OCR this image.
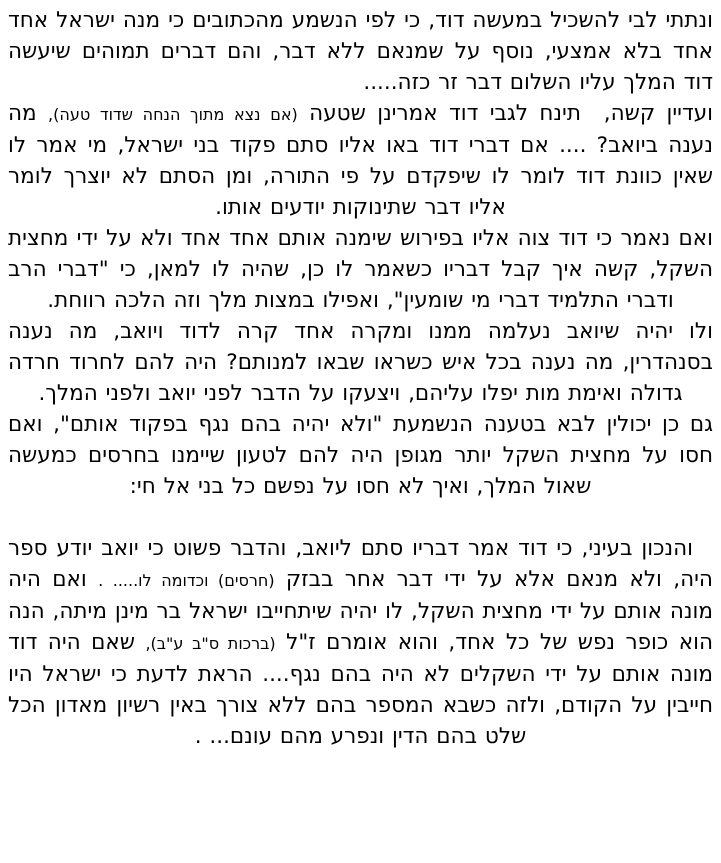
ונתתי לבי להשכיל במעשה דוד, כי לפי הנשמע מהכתובים כי מנה ישראל אחד אחד בלא אמצעי, נוסף על שמנאם ללא דבר, והם דברים תמוהים שיעשה דוד המלך עליו השלום דבר זר כזה.....

ועדיין קשה,  תינח לגבי דוד אמרינן שטעה (אם נצא מתוך הנחה שדוד טעה), מה נענה ביואב? .... אם דברי דוד באו אליו סתם פקוד בני ישראל, מי אמר לו שאין כוונת דוד לומר לו שיפקדם על פי התורה, ומן הסתם לא יוצרך לומר אליו דבר שתינוקות יודעים אותו.

ואם נאמר כי דוד צוה אליו בפירוש שימנה אותם אחד אחד ולא על ידי מחצית השקל, קשה איך קבל דבריו כשאמר לו כן, שהיה לו למאן, כי "דברי הרב ודברי התלמיד דברי מי שומעין", ואפילו במצות מלך וזה הלכה רווחת.

ולו יהיה שיואב נעלמה ממנו ומקרה אחד קרה לדוד ויואב, מה נענה בסנהדרין, מה נענה בכל איש כשראו שבאו למנותם? היה להם לחרוד חרדה גדולה ואימת מות יפלו עליהם, ויצעקו על הדבר לפני יואב ולפני המלך.

גם כן יכולין לבא בטענה הנשמעת "ולא יהיה בהם נגף בפקוד אותם", ואם חסו על מחצית השקל יותר מגופן היה להם לטעון שיימנו בחרסים כמעשה שאול המלך, ואיך לא חסו על נפשם כל בני אל חי:

והנכון בעיני, כי דוד אמר דבריו סתם ליואב, והדבר פשוט כי יואב יודע ספר היה, ולא מנאם אלא על ידי דבר אחר בבזק (חרסים) וכדומה לו..... . ואם היה מונה אותם על ידי מחצית השקל, לו יהיה שיתחייבו ישראל בר מינן מיתה, הנה הוא כופר נפש של כל אחד, והוא אומרם ז"ל (ברכות ס"ב ע"ב), שאם היה דוד מונה אותם על ידי השקלים לא היה בהם נגף.... הראת לדעת כי ישראל היו חייבין על הקודם, ולזה כשבא המספר בהם ללא צורך באין רשיון מאדון הכל שלט בהם הדין ונפרע מהם עונם... .
